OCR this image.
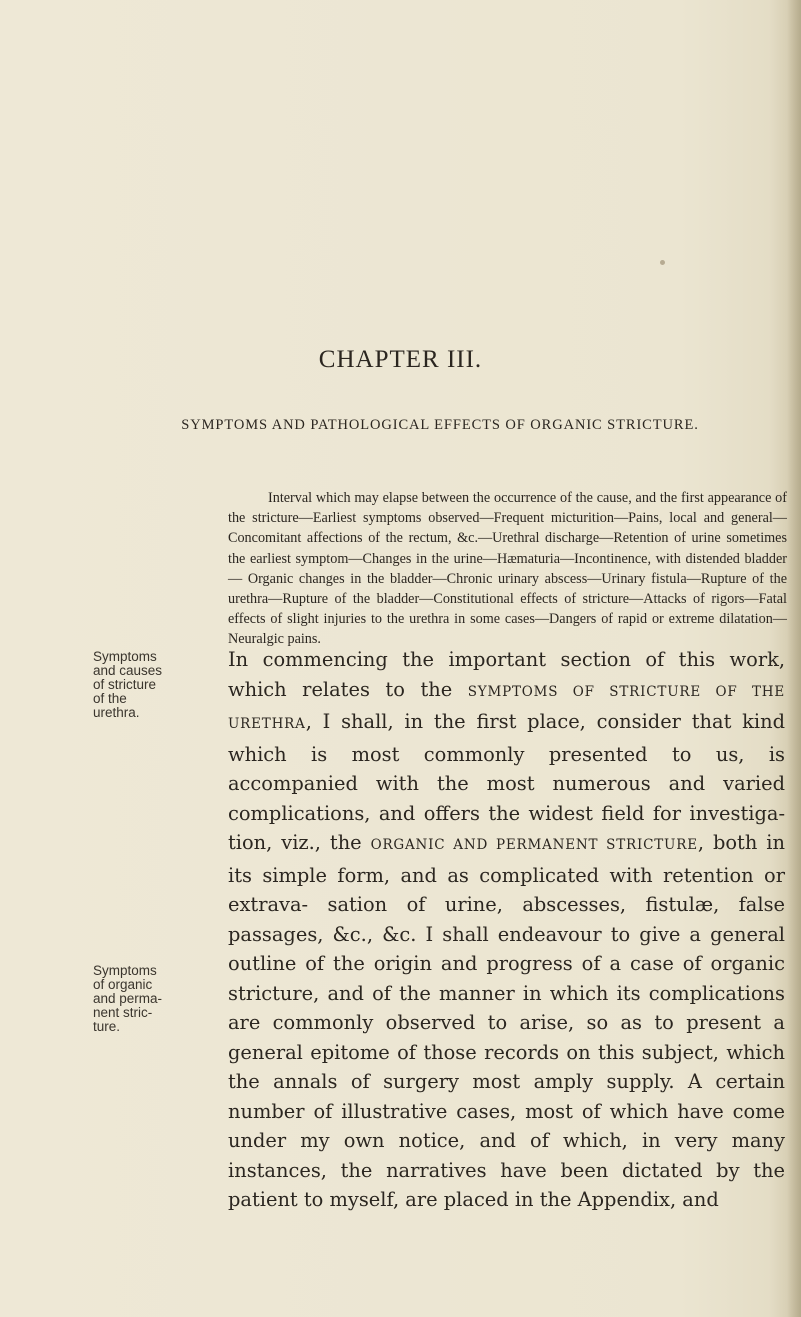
CHAPTER III.
SYMPTOMS AND PATHOLOGICAL EFFECTS OF ORGANIC STRICTURE.
Interval which may elapse between the occurrence of the cause, and the first appearance of the stricture—Earliest symptoms observed—Frequent micturition—Pains, local and general—Concomitant affections of the rectum, &c.—Urethral discharge—Retention of urine sometimes the earliest symptom—Changes in the urine—Hæmaturia—Incontinence, with distended bladder— Organic changes in the bladder—Chronic urinary abscess—Urinary fistula—Rupture of the urethra—Rupture of the bladder—Constitutional effects of stricture—Attacks of rigors—Fatal effects of slight injuries to the urethra in some cases—Dangers of rapid or extreme dilatation—Neuralgic pains.
Symptoms and causes of stricture of the urethra.
Symptoms of organic and perma- nent stric- ture.
In commencing the important section of this work, which relates to the SYMPTOMS OF STRICTURE OF THE URETHRA, I shall, in the first place, consider that kind which is most commonly presented to us, is accompanied with the most numerous and varied complications, and offers the widest field for investiga- tion, viz., the ORGANIC AND PERMANENT STRICTURE, both in its simple form, and as complicated with retention or extrava- sation of urine, abscesses, fistulæ, false passages, &c., &c. I shall endeavour to give a general outline of the origin and progress of a case of organic stricture, and of the manner in which its complications are commonly observed to arise, so as to present a general epitome of those records on this subject, which the annals of surgery most amply supply. A certain number of illustrative cases, most of which have come under my own notice, and of which, in very many instances, the narratives have been dictated by the patient to myself, are placed in the Appendix, and
